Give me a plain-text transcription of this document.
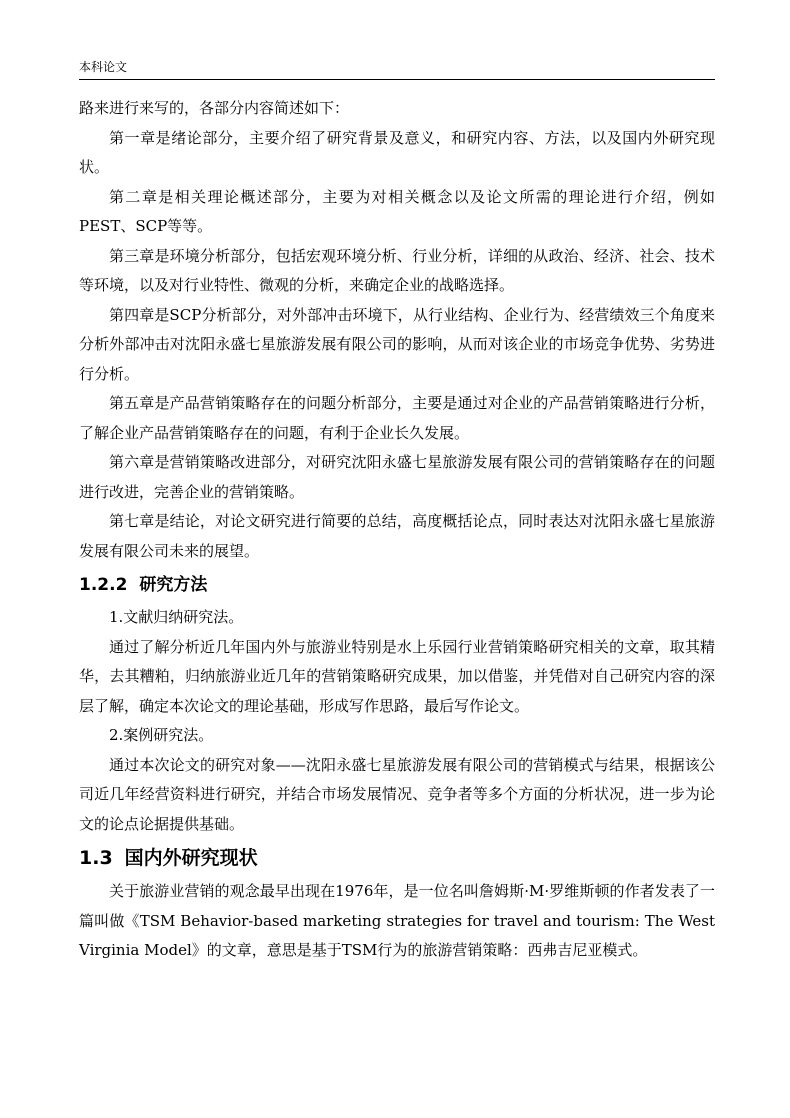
本科论文

路来进行来写的，各部分内容简述如下：

第一章是绪论部分，主要介绍了研究背景及意义，和研究内容、方法，以及国内外研究现状。

第二章是相关理论概述部分，主要为对相关概念以及论文所需的理论进行介绍，例如PEST、SCP等等。

第三章是环境分析部分，包括宏观环境分析、行业分析，详细的从政治、经济、社会、技术等环境，以及对行业特性、微观的分析，来确定企业的战略选择。

第四章是SCP分析部分，对外部冲击环境下，从行业结构、企业行为、经营绩效三个角度来分析外部冲击对沈阳永盛七星旅游发展有限公司的影响，从而对该企业的市场竞争优势、劣势进行分析。

第五章是产品营销策略存在的问题分析部分，主要是通过对企业的产品营销策略进行分析，了解企业产品营销策略存在的问题，有利于企业长久发展。

第六章是营销策略改进部分，对研究沈阳永盛七星旅游发展有限公司的营销策略存在的问题进行改进，完善企业的营销策略。

第七章是结论，对论文研究进行简要的总结，高度概括论点，同时表达对沈阳永盛七星旅游发展有限公司未来的展望。

1.2.2 研究方法

1.文献归纳研究法。

通过了解分析近几年国内外与旅游业特别是水上乐园行业营销策略研究相关的文章，取其精华，去其糟粕，归纳旅游业近几年的营销策略研究成果，加以借鉴，并凭借对自己研究内容的深层了解，确定本次论文的理论基础，形成写作思路，最后写作论文。

2.案例研究法。

通过本次论文的研究对象——沈阳永盛七星旅游发展有限公司的营销模式与结果，根据该公司近几年经营资料进行研究，并结合市场发展情况、竞争者等多个方面的分析状况，进一步为论文的论点论据提供基础。

1.3 国内外研究现状

关于旅游业营销的观念最早出现在1976年，是一位名叫詹姆斯·M·罗维斯顿的作者发表了一篇叫做《TSM Behavior-based marketing strategies for travel and tourism: The West Virginia Model》的文章，意思是基于TSM行为的旅游营销策略：西弗吉尼亚模式。
